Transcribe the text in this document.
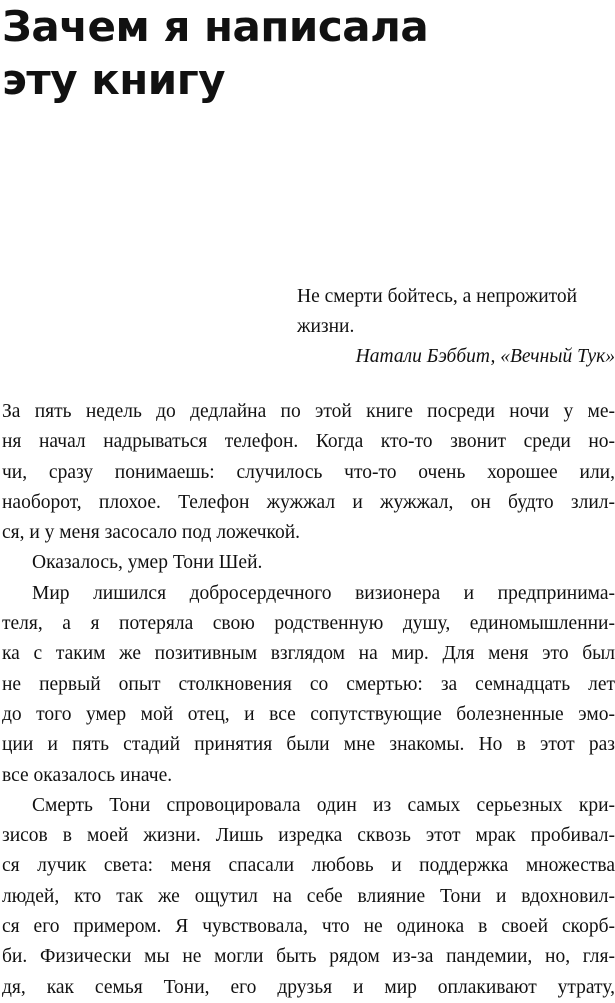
Зачем я написала
эту книгу
Не смерти бойтесь, а непрожитой
жизни.
Натали Бэббит, «Вечный Тук»
За пять недель до дедлайна по этой книге посреди ночи у ме-
ня начал надрываться телефон. Когда кто-то звонит среди но-
чи, сразу понимаешь: случилось что-то очень хорошее или,
наоборот, плохое. Телефон жужжал и жужжал, он будто злил-
ся, и у меня засосало под ложечкой.
Оказалось, умер Тони Шей.
Мир лишился добросердечного визионера и предпринима-
теля, а я потеряла свою родственную душу, единомышленни-
ка с таким же позитивным взглядом на мир. Для меня это был
не первый опыт столкновения со смертью: за семнадцать лет
до того умер мой отец, и все сопутствующие болезненные эмо-
ции и пять стадий принятия были мне знакомы. Но в этот раз
все оказалось иначе.
Смерть Тони спровоцировала один из самых серьезных кри-
зисов в моей жизни. Лишь изредка сквозь этот мрак пробивал-
ся лучик света: меня спасали любовь и поддержка множества
людей, кто так же ощутил на себе влияние Тони и вдохновил-
ся его примером. Я чувствовала, что не одинока в своей скорб-
би. Физически мы не могли быть рядом из-за пандемии, но, гля-
дя, как семья Тони, его друзья и мир оплакивают утрату,
